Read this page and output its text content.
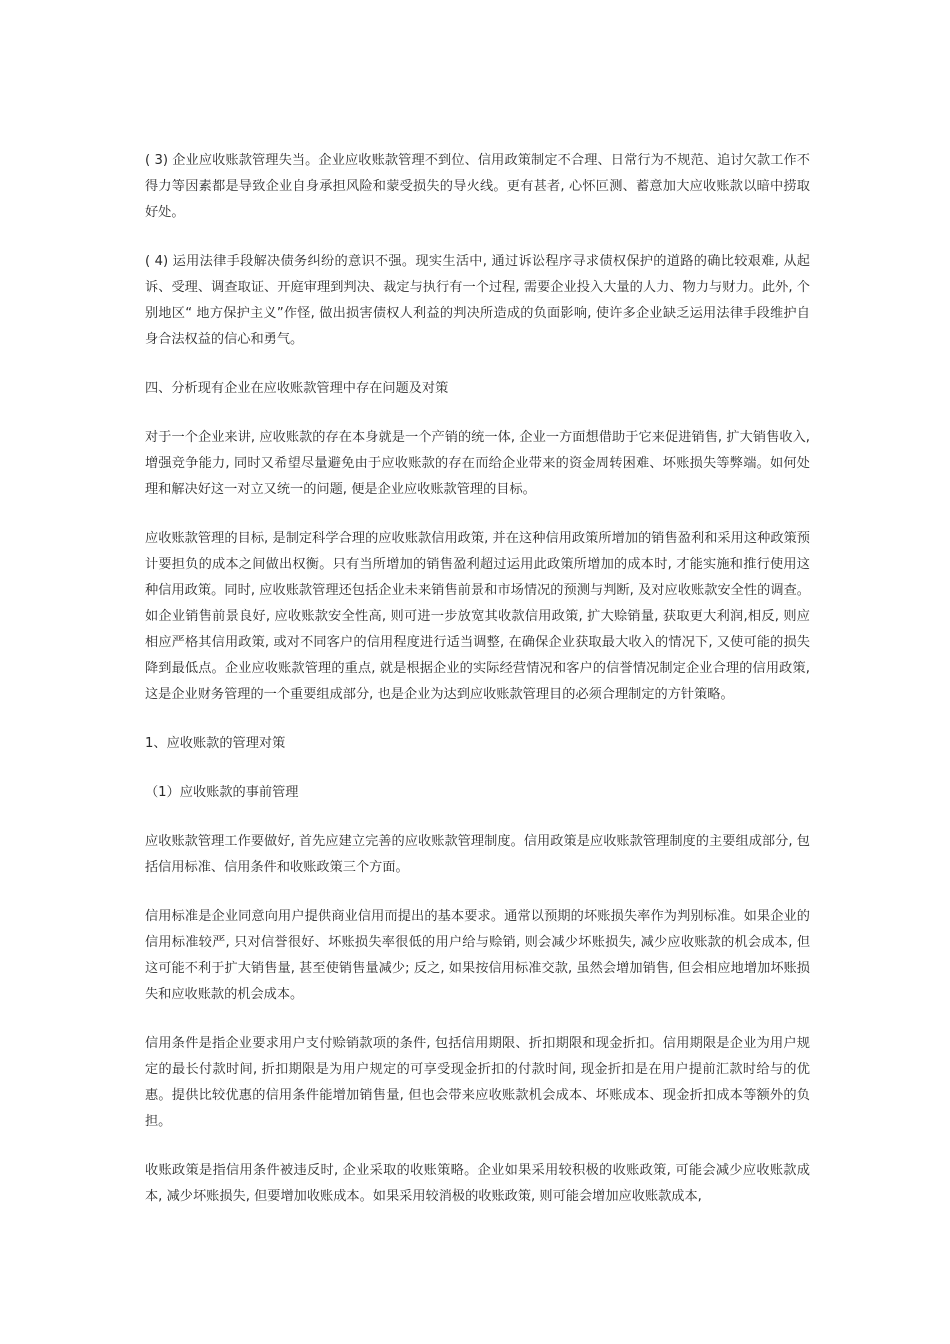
( 3) 企业应收账款管理失当。企业应收账款管理不到位、信用政策制定不合理、日常行为不规范、追讨欠款工作不得力等因素都是导致企业自身承担风险和蒙受损失的导火线。更有甚者, 心怀叵测、蓄意加大应收账款以暗中捞取好处。

( 4) 运用法律手段解决债务纠纷的意识不强。现实生活中, 通过诉讼程序寻求债权保护的道路的确比较艰难, 从起诉、受理、调查取证、开庭审理到判决、裁定与执行有一个过程, 需要企业投入大量的人力、物力与财力。此外, 个别地区“ 地方保护主义”作怪, 做出损害债权人利益的判决所造成的负面影响, 使许多企业缺乏运用法律手段维护自身合法权益的信心和勇气。

四、分析现有企业在应收账款管理中存在问题及对策

对于一个企业来讲, 应收账款的存在本身就是一个产销的统一体, 企业一方面想借助于它来促进销售, 扩大销售收入, 增强竞争能力, 同时又希望尽量避免由于应收账款的存在而给企业带来的资金周转困难、坏账损失等弊端。如何处理和解决好这一对立又统一的问题, 便是企业应收账款管理的目标。

应收账款管理的目标, 是制定科学合理的应收账款信用政策, 并在这种信用政策所增加的销售盈利和采用这种政策预计要担负的成本之间做出权衡。只有当所增加的销售盈利超过运用此政策所增加的成本时, 才能实施和推行使用这种信用政策。同时, 应收账款管理还包括企业未来销售前景和市场情况的预测与判断, 及对应收账款安全性的调查。如企业销售前景良好, 应收账款安全性高, 则可进一步放宽其收款信用政策, 扩大赊销量, 获取更大利润,相反, 则应相应严格其信用政策, 或对不同客户的信用程度进行适当调整, 在确保企业获取最大收入的情况下, 又使可能的损失降到最低点。企业应收账款管理的重点, 就是根据企业的实际经营情况和客户的信誉情况制定企业合理的信用政策, 这是企业财务管理的一个重要组成部分, 也是企业为达到应收账款管理目的必须合理制定的方针策略。

1、应收账款的管理对策

（1）应收账款的事前管理

应收账款管理工作要做好, 首先应建立完善的应收账款管理制度。信用政策是应收账款管理制度的主要组成部分, 包括信用标准、信用条件和收账政策三个方面。

信用标准是企业同意向用户提供商业信用而提出的基本要求。通常以预期的坏账损失率作为判别标准。如果企业的信用标准较严, 只对信誉很好、坏账损失率很低的用户给与赊销, 则会减少坏账损失, 减少应收账款的机会成本, 但这可能不利于扩大销售量, 甚至使销售量减少; 反之, 如果按信用标准交款, 虽然会增加销售, 但会相应地增加坏账损失和应收账款的机会成本。

信用条件是指企业要求用户支付赊销款项的条件, 包括信用期限、折扣期限和现金折扣。信用期限是企业为用户规定的最长付款时间, 折扣期限是为用户规定的可享受现金折扣的付款时间, 现金折扣是在用户提前汇款时给与的优惠。提供比较优惠的信用条件能增加销售量, 但也会带来应收账款机会成本、坏账成本、现金折扣成本等额外的负担。

收账政策是指信用条件被违反时, 企业采取的收账策略。企业如果采用较积极的收账政策, 可能会减少应收账款成本, 减少坏账损失, 但要增加收账成本。如果采用较消极的收账政策, 则可能会增加应收账款成本,
